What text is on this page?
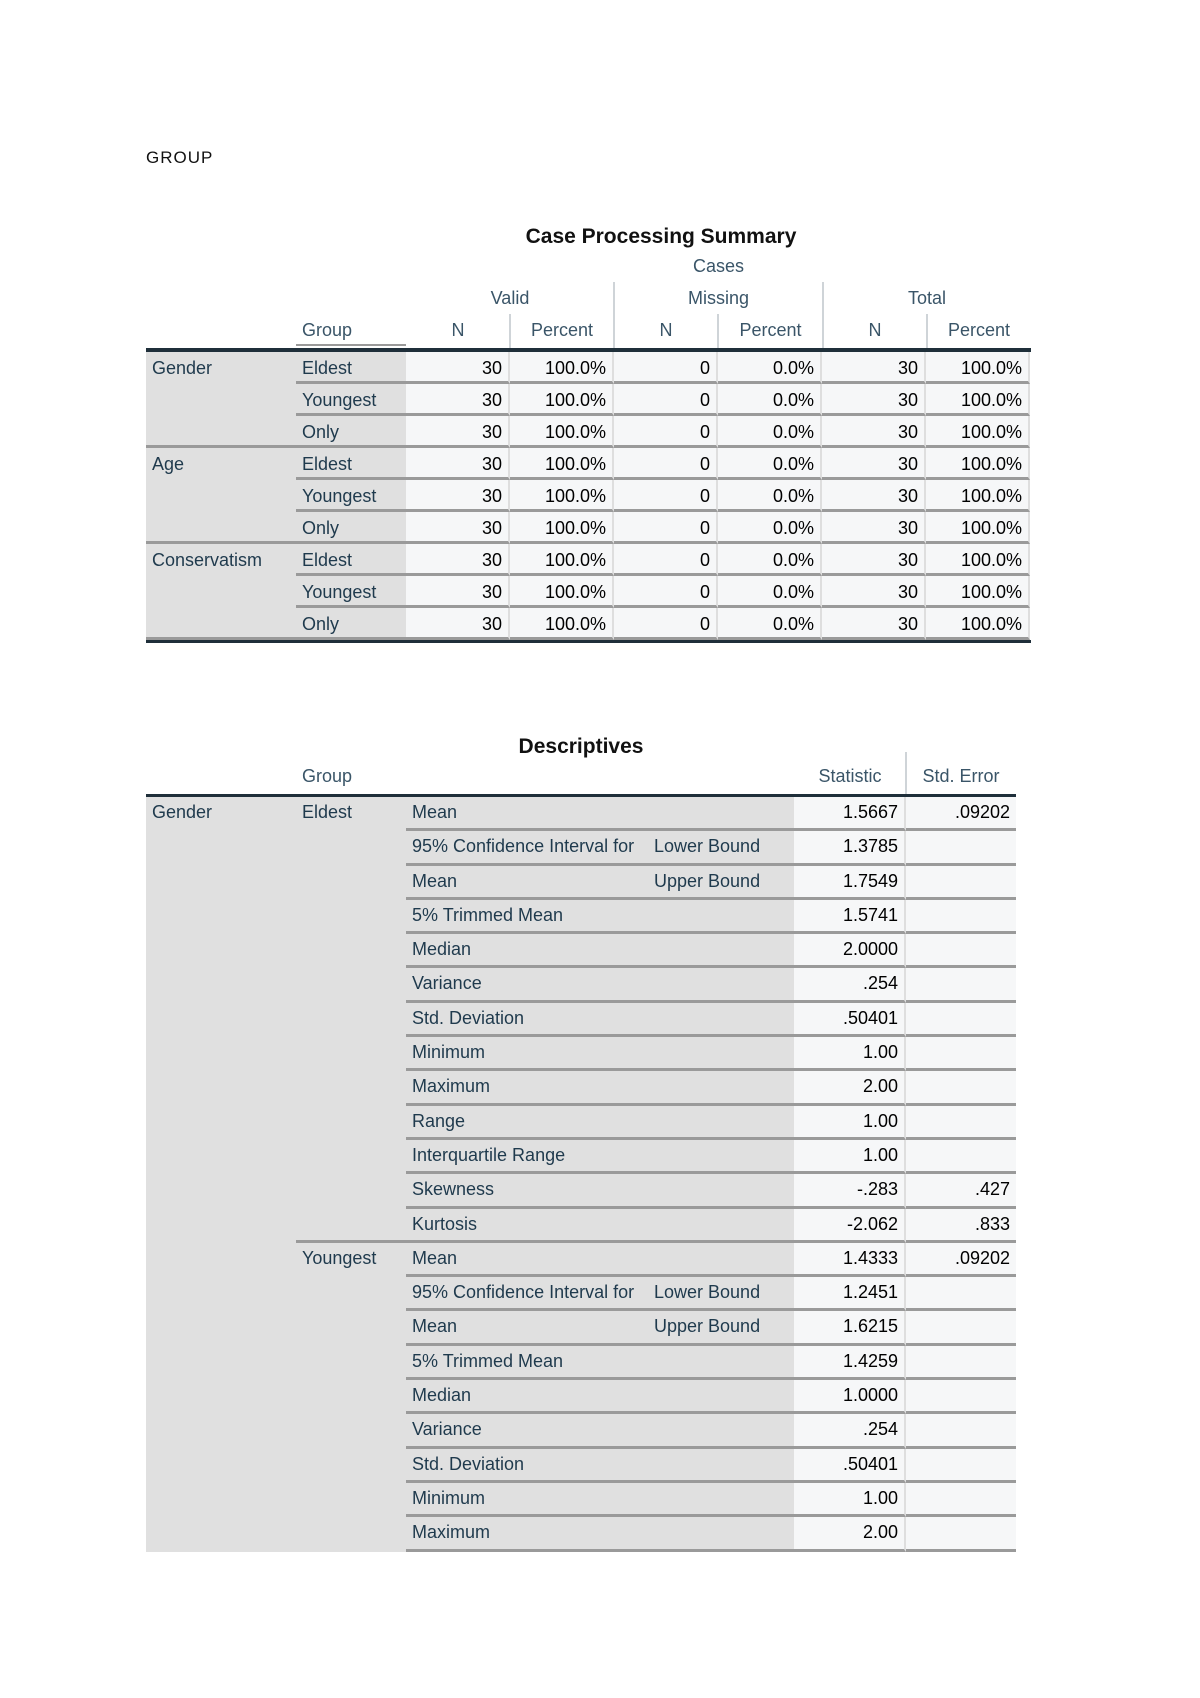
GROUP
Case Processing Summary
Cases
Valid	Missing	Total
Group	N	Percent	N	Percent	N	Percent
Gender	Eldest	30	100.0%	0	0.0%	30	100.0%
Youngest	30	100.0%	0	0.0%	30	100.0%
Only	30	100.0%	0	0.0%	30	100.0%
Age	Eldest	30	100.0%	0	0.0%	30	100.0%
Youngest	30	100.0%	0	0.0%	30	100.0%
Only	30	100.0%	0	0.0%	30	100.0%
Conservatism	Eldest	30	100.0%	0	0.0%	30	100.0%
Youngest	30	100.0%	0	0.0%	30	100.0%
Only	30	100.0%	0	0.0%	30	100.0%
Descriptives
Group	Statistic	Std. Error
Gender	Eldest	Mean	1.5667	.09202
95% Confidence Interval for	Lower Bound	1.3785
Mean	Upper Bound	1.7549
5% Trimmed Mean	1.5741
Median	2.0000
Variance	.254
Std. Deviation	.50401
Minimum	1.00
Maximum	2.00
Range	1.00
Interquartile Range	1.00
Skewness	-.283	.427
Kurtosis	-2.062	.833
Youngest	Mean	1.4333	.09202
95% Confidence Interval for	Lower Bound	1.2451
Mean	Upper Bound	1.6215
5% Trimmed Mean	1.4259
Median	1.0000
Variance	.254
Std. Deviation	.50401
Minimum	1.00
Maximum	2.00
